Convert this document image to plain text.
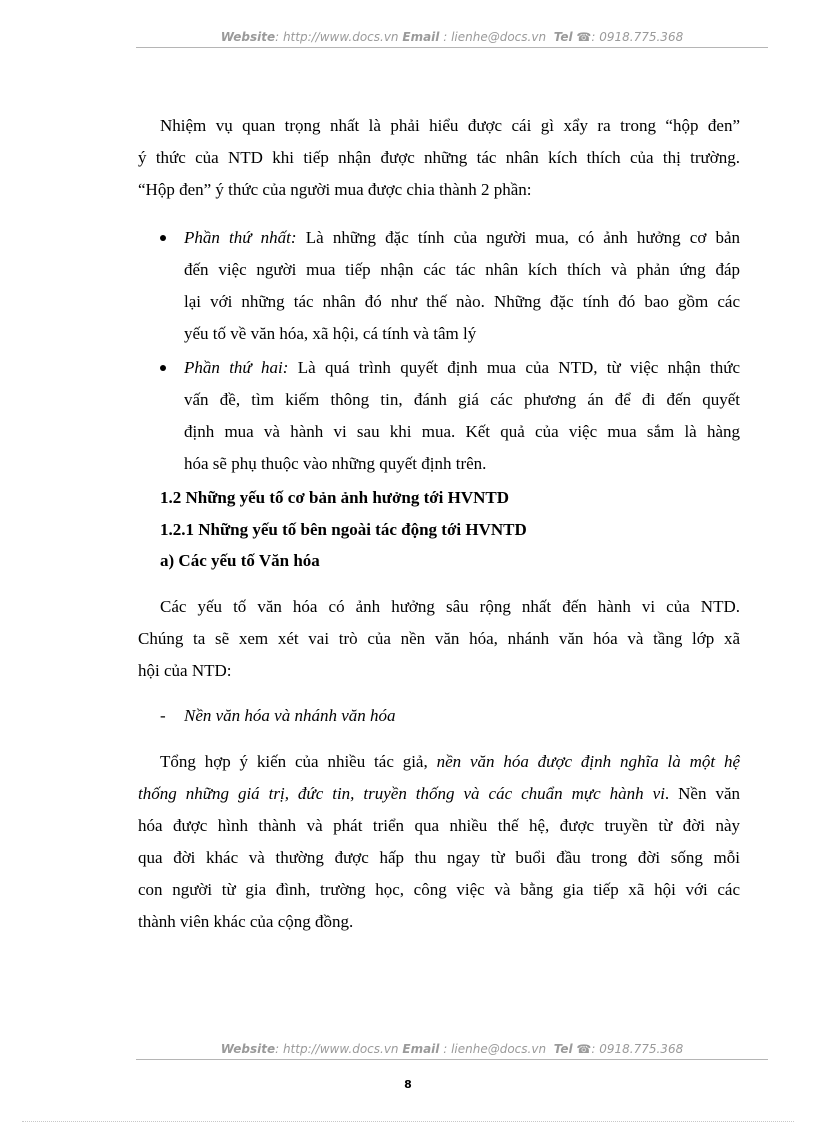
Website: http://www.docs.vn Email : lienhe@docs.vn Tel ☎: 0918.775.368
Nhiệm vụ quan trọng nhất là phải hiểu được cái gì xẩy ra trong “hộp đen”
ý thức của NTD khi tiếp nhận được những tác nhân kích thích của thị trường.
“Hộp đen” ý thức của người mua được chia thành 2 phần:
Phần thứ nhất: Là những đặc tính của người mua, có ảnh hưởng cơ bản
đến việc người mua tiếp nhận các tác nhân kích thích và phản ứng đáp
lại với những tác nhân đó như thế nào. Những đặc tính đó bao gồm các
yếu tố về văn hóa, xã hội, cá tính và tâm lý
Phần thứ hai: Là quá trình quyết định mua của NTD, từ việc nhận thức
vấn đề, tìm kiếm thông tin, đánh giá các phương án để đi đến quyết
định mua và hành vi sau khi mua. Kết quả của việc mua sắm là hàng
hóa sẽ phụ thuộc vào những quyết định trên.
1.2 Những yếu tố cơ bản ảnh hưởng tới HVNTD
1.2.1 Những yếu tố bên ngoài tác động tới HVNTD
a) Các yếu tố Văn hóa
Các yếu tố văn hóa có ảnh hưởng sâu rộng nhất đến hành vi của NTD.
Chúng ta sẽ xem xét vai trò của nền văn hóa, nhánh văn hóa và tầng lớp xã
hội của NTD:
- Nền văn hóa và nhánh văn hóa
Tổng hợp ý kiến của nhiều tác giả, nền văn hóa được định nghĩa là một hệ
thống những giá trị, đức tin, truyền thống và các chuẩn mực hành vi. Nền văn
hóa được hình thành và phát triển qua nhiều thế hệ, được truyền từ đời này
qua đời khác và thường được hấp thu ngay từ buổi đầu trong đời sống mỗi
con người từ gia đình, trường học, công việc và bằng gia tiếp xã hội với các
thành viên khác của cộng đồng.
Website: http://www.docs.vn Email : lienhe@docs.vn Tel ☎: 0918.775.368
8
